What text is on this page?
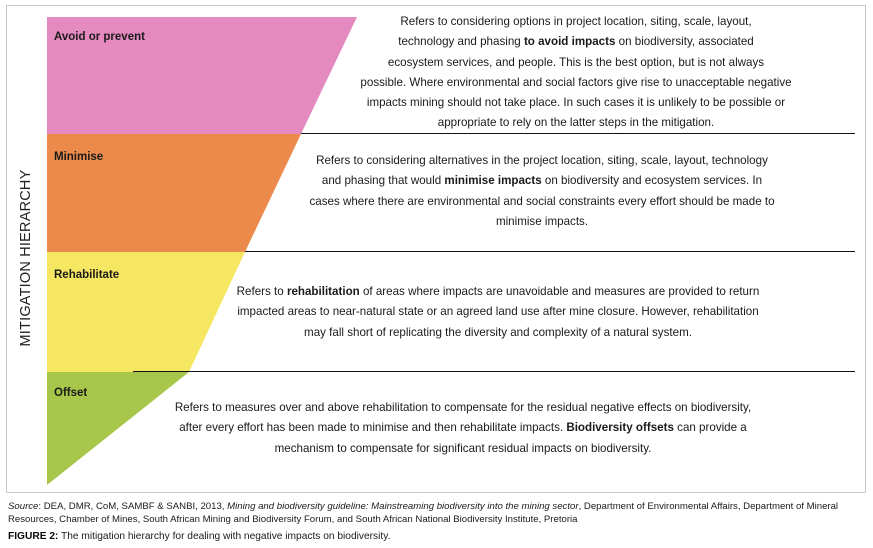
MITIGATION HIERARCHY
Avoid or prevent
Minimise
Rehabilitate
Offset

Refers to considering options in project location, siting, scale, layout,

technology and phasing to avoid impacts on biodiversity, associated

ecosystem services, and people. This is the best option, but is not always

possible. Where environmental and social factors give rise to unacceptable negative

impacts mining should not take place. In such cases it is unlikely to be possible or

appropriate to rely on the latter steps in the mitigation.

Refers to considering alternatives in the project location, siting, scale, layout, technology

and phasing that would minimise impacts on biodiversity and ecosystem services. In

cases where there are environmental and social constraints every effort should be made to

minimise impacts.

Refers to rehabilitation of areas where impacts are unavoidable and measures are provided to return

impacted areas to near-natural state or an agreed land use after mine closure. However, rehabilitation

may fall short of replicating the diversity and complexity of a natural system.

Refers to measures over and above rehabilitation to compensate for the residual negative effects on biodiversity,

after every effort has been made to minimise and then rehabilitate impacts. Biodiversity offsets can provide a

mechanism to compensate for significant residual impacts on biodiversity.

Source: DEA, DMR, CoM, SAMBF & SANBI, 2013, Mining and biodiversity guideline: Mainstreaming biodiversity into the mining sector, Department of Environmental Affairs, Department of Mineral Resources, Chamber of Mines, South African Mining and Biodiversity Forum, and South African National Biodiversity Institute, Pretoria
FIGURE 2: The mitigation hierarchy for dealing with negative impacts on biodiversity.
